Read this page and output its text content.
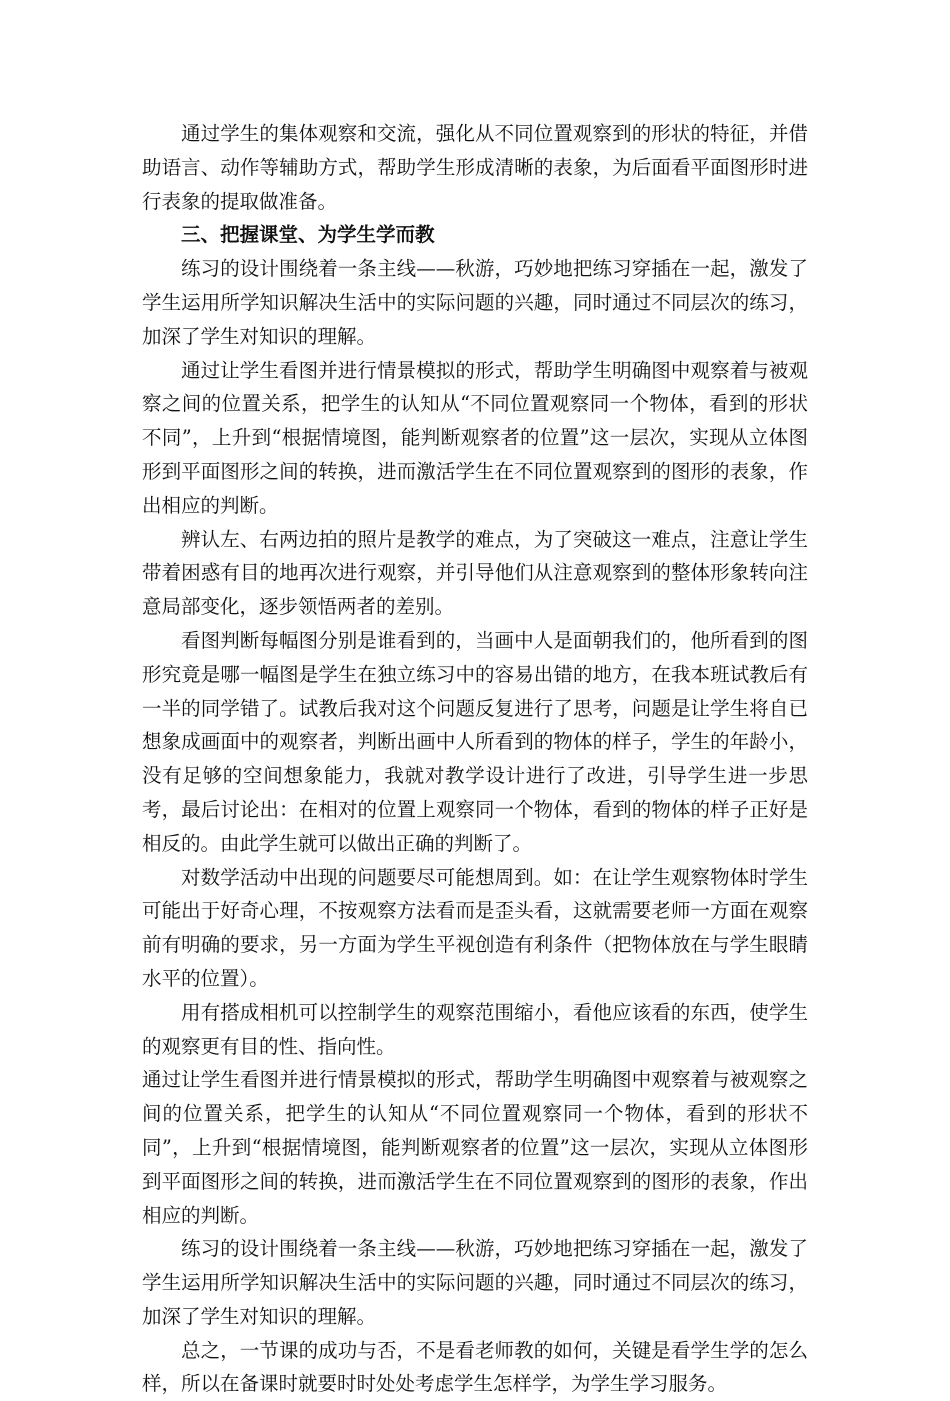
通过学生的集体观察和交流，强化从不同位置观察到的形状的特征，并借助语言、动作等辅助方式，帮助学生形成清晰的表象，为后面看平面图形时进行表象的提取做准备。

三、把握课堂、为学生学而教

练习的设计围绕着一条主线——秋游，巧妙地把练习穿插在一起，激发了学生运用所学知识解决生活中的实际问题的兴趣，同时通过不同层次的练习，加深了学生对知识的理解。

通过让学生看图并进行情景模拟的形式，帮助学生明确图中观察着与被观察之间的位置关系，把学生的认知从“不同位置观察同一个物体，看到的形状不同”，上升到“根据情境图，能判断观察者的位置”这一层次，实现从立体图形到平面图形之间的转换，进而激活学生在不同位置观察到的图形的表象，作出相应的判断。

辨认左、右两边拍的照片是教学的难点，为了突破这一难点，注意让学生带着困惑有目的地再次进行观察，并引导他们从注意观察到的整体形象转向注意局部变化，逐步领悟两者的差别。

看图判断每幅图分别是谁看到的，当画中人是面朝我们的，他所看到的图形究竟是哪一幅图是学生在独立练习中的容易出错的地方，在我本班试教后有一半的同学错了。试教后我对这个问题反复进行了思考，问题是让学生将自已想象成画面中的观察者，判断出画中人所看到的物体的样子，学生的年龄小，没有足够的空间想象能力，我就对教学设计进行了改进，引导学生进一步思考，最后讨论出：在相对的位置上观察同一个物体，看到的物体的样子正好是相反的。由此学生就可以做出正确的判断了。

对数学活动中出现的问题要尽可能想周到。如：在让学生观察物体时学生可能出于好奇心理，不按观察方法看而是歪头看，这就需要老师一方面在观察前有明确的要求，另一方面为学生平视创造有利条件（把物体放在与学生眼睛水平的位置）。

用有搭成相机可以控制学生的观察范围缩小，看他应该看的东西，使学生的观察更有目的性、指向性。

通过让学生看图并进行情景模拟的形式，帮助学生明确图中观察着与被观察之间的位置关系，把学生的认知从“不同位置观察同一个物体，看到的形状不同”，上升到“根据情境图，能判断观察者的位置”这一层次，实现从立体图形到平面图形之间的转换，进而激活学生在不同位置观察到的图形的表象，作出相应的判断。

练习的设计围绕着一条主线——秋游，巧妙地把练习穿插在一起，激发了学生运用所学知识解决生活中的实际问题的兴趣，同时通过不同层次的练习，加深了学生对知识的理解。

总之，一节课的成功与否，不是看老师教的如何，关键是看学生学的怎么样，所以在备课时就要时时处处考虑学生怎样学，为学生学习服务。
